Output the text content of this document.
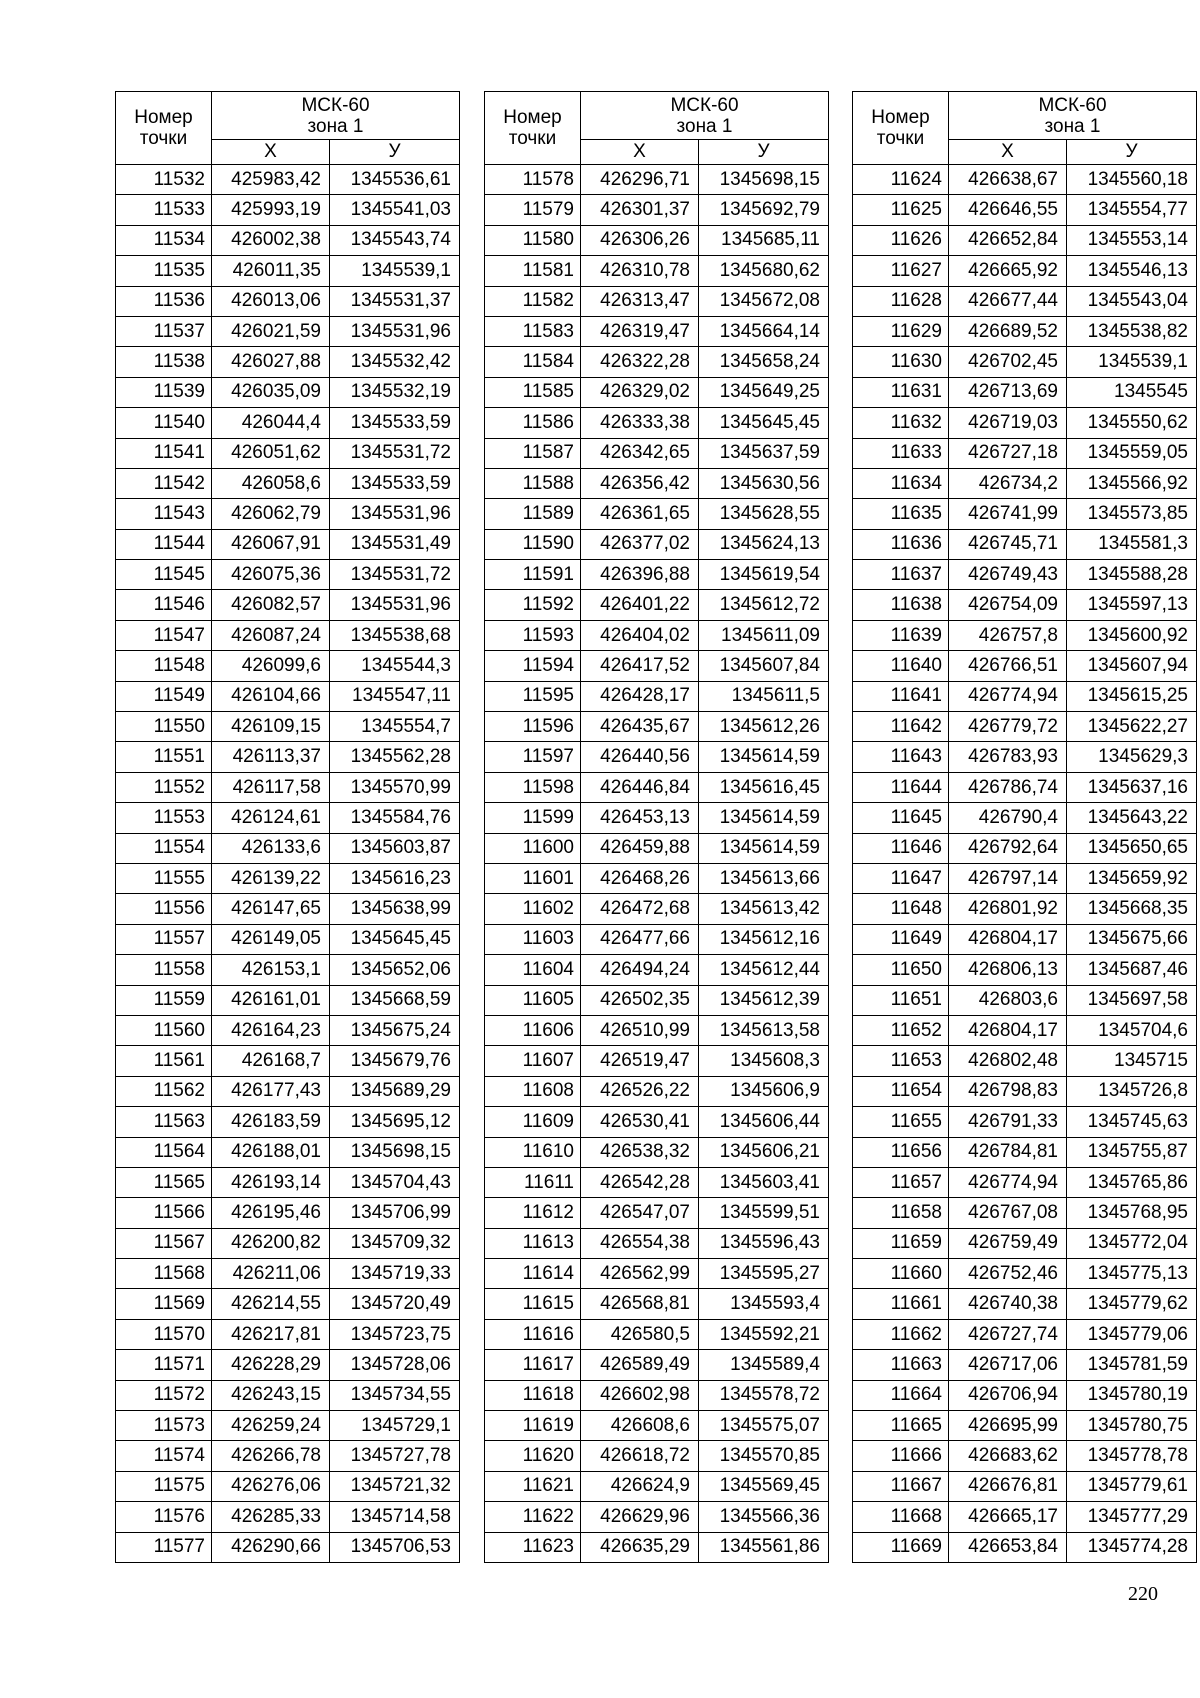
Номер точки	МСК-60
зона 1	
	Х	У
11532	425983,42	1345536,61
11533	425993,19	1345541,03
11534	426002,38	1345543,74
11535	426011,35	1345539,1
11536	426013,06	1345531,37
11537	426021,59	1345531,96
11538	426027,88	1345532,42
11539	426035,09	1345532,19
11540	426044,4	1345533,59
11541	426051,62	1345531,72
11542	426058,6	1345533,59
11543	426062,79	1345531,96
11544	426067,91	1345531,49
11545	426075,36	1345531,72
11546	426082,57	1345531,96
11547	426087,24	1345538,68
11548	426099,6	1345544,3
11549	426104,66	1345547,11
11550	426109,15	1345554,7
11551	426113,37	1345562,28
11552	426117,58	1345570,99
11553	426124,61	1345584,76
11554	426133,6	1345603,87
11555	426139,22	1345616,23
11556	426147,65	1345638,99
11557	426149,05	1345645,45
11558	426153,1	1345652,06
11559	426161,01	1345668,59
11560	426164,23	1345675,24
11561	426168,7	1345679,76
11562	426177,43	1345689,29
11563	426183,59	1345695,12
11564	426188,01	1345698,15
11565	426193,14	1345704,43
11566	426195,46	1345706,99
11567	426200,82	1345709,32
11568	426211,06	1345719,33
11569	426214,55	1345720,49
11570	426217,81	1345723,75
11571	426228,29	1345728,06
11572	426243,15	1345734,55
11573	426259,24	1345729,1
11574	426266,78	1345727,78
11575	426276,06	1345721,32
11576	426285,33	1345714,58
11577	426290,66	1345706,53
Номер точки	МСК-60
зона 1	
	Х	У
11578	426296,71	1345698,15
11579	426301,37	1345692,79
11580	426306,26	1345685,11
11581	426310,78	1345680,62
11582	426313,47	1345672,08
11583	426319,47	1345664,14
11584	426322,28	1345658,24
11585	426329,02	1345649,25
11586	426333,38	1345645,45
11587	426342,65	1345637,59
11588	426356,42	1345630,56
11589	426361,65	1345628,55
11590	426377,02	1345624,13
11591	426396,88	1345619,54
11592	426401,22	1345612,72
11593	426404,02	1345611,09
11594	426417,52	1345607,84
11595	426428,17	1345611,5
11596	426435,67	1345612,26
11597	426440,56	1345614,59
11598	426446,84	1345616,45
11599	426453,13	1345614,59
11600	426459,88	1345614,59
11601	426468,26	1345613,66
11602	426472,68	1345613,42
11603	426477,66	1345612,16
11604	426494,24	1345612,44
11605	426502,35	1345612,39
11606	426510,99	1345613,58
11607	426519,47	1345608,3
11608	426526,22	1345606,9
11609	426530,41	1345606,44
11610	426538,32	1345606,21
11611	426542,28	1345603,41
11612	426547,07	1345599,51
11613	426554,38	1345596,43
11614	426562,99	1345595,27
11615	426568,81	1345593,4
11616	426580,5	1345592,21
11617	426589,49	1345589,4
11618	426602,98	1345578,72
11619	426608,6	1345575,07
11620	426618,72	1345570,85
11621	426624,9	1345569,45
11622	426629,96	1345566,36
11623	426635,29	1345561,86
Номер точки	МСК-60
зона 1	
	Х	У
11624	426638,67	1345560,18
11625	426646,55	1345554,77
11626	426652,84	1345553,14
11627	426665,92	1345546,13
11628	426677,44	1345543,04
11629	426689,52	1345538,82
11630	426702,45	1345539,1
11631	426713,69	1345545
11632	426719,03	1345550,62
11633	426727,18	1345559,05
11634	426734,2	1345566,92
11635	426741,99	1345573,85
11636	426745,71	1345581,3
11637	426749,43	1345588,28
11638	426754,09	1345597,13
11639	426757,8	1345600,92
11640	426766,51	1345607,94
11641	426774,94	1345615,25
11642	426779,72	1345622,27
11643	426783,93	1345629,3
11644	426786,74	1345637,16
11645	426790,4	1345643,22
11646	426792,64	1345650,65
11647	426797,14	1345659,92
11648	426801,92	1345668,35
11649	426804,17	1345675,66
11650	426806,13	1345687,46
11651	426803,6	1345697,58
11652	426804,17	1345704,6
11653	426802,48	1345715
11654	426798,83	1345726,8
11655	426791,33	1345745,63
11656	426784,81	1345755,87
11657	426774,94	1345765,86
11658	426767,08	1345768,95
11659	426759,49	1345772,04
11660	426752,46	1345775,13
11661	426740,38	1345779,62
11662	426727,74	1345779,06
11663	426717,06	1345781,59
11664	426706,94	1345780,19
11665	426695,99	1345780,75
11666	426683,62	1345778,78
11667	426676,81	1345779,61
11668	426665,17	1345777,29
11669	426653,84	1345774,28
220
